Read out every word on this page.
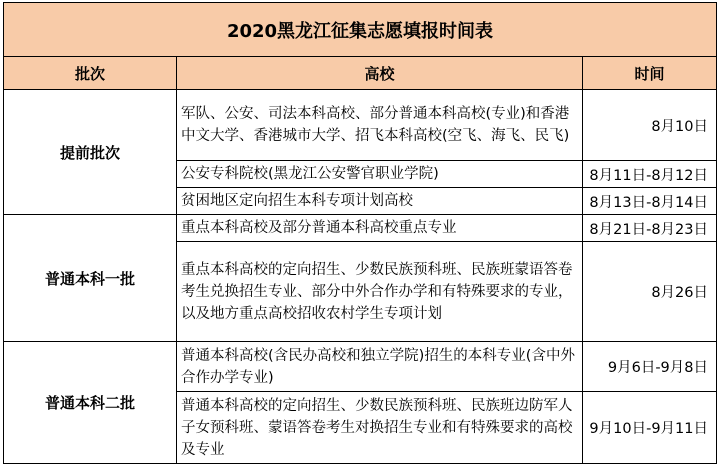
2020黑龙江征集志愿填报时间表		
批次	高校	时间
提前批次	军队、公安、司法本科高校、部分普通本科高校(专业)和香港中文大学、香港城市大学、招飞本科高校(空飞、海飞、民飞)	8月10日
	公安专科院校(黑龙江公安警官职业学院)	8月11日-8月12日
	贫困地区定向招生本科专项计划高校	8月13日-8月14日
普通本科一批	重点本科高校及部分普通本科高校重点专业	8月21日-8月23日
	重点本科高校的定向招生、少数民族预科班、民族班蒙语答卷考生兑换招生专业、部分中外合作办学和有特殊要求的专业，以及地方重点高校招收农村学生专项计划	8月26日
普通本科二批	普通本科高校(含民办高校和独立学院)招生的本科专业(含中外合作办学专业)	9月6日-9月8日
	普通本科高校的定向招生、少数民族预科班、民族班边防军人子女预科班、蒙语答卷考生对换招生专业和有特殊要求的高校及专业	9月10日-9月11日
